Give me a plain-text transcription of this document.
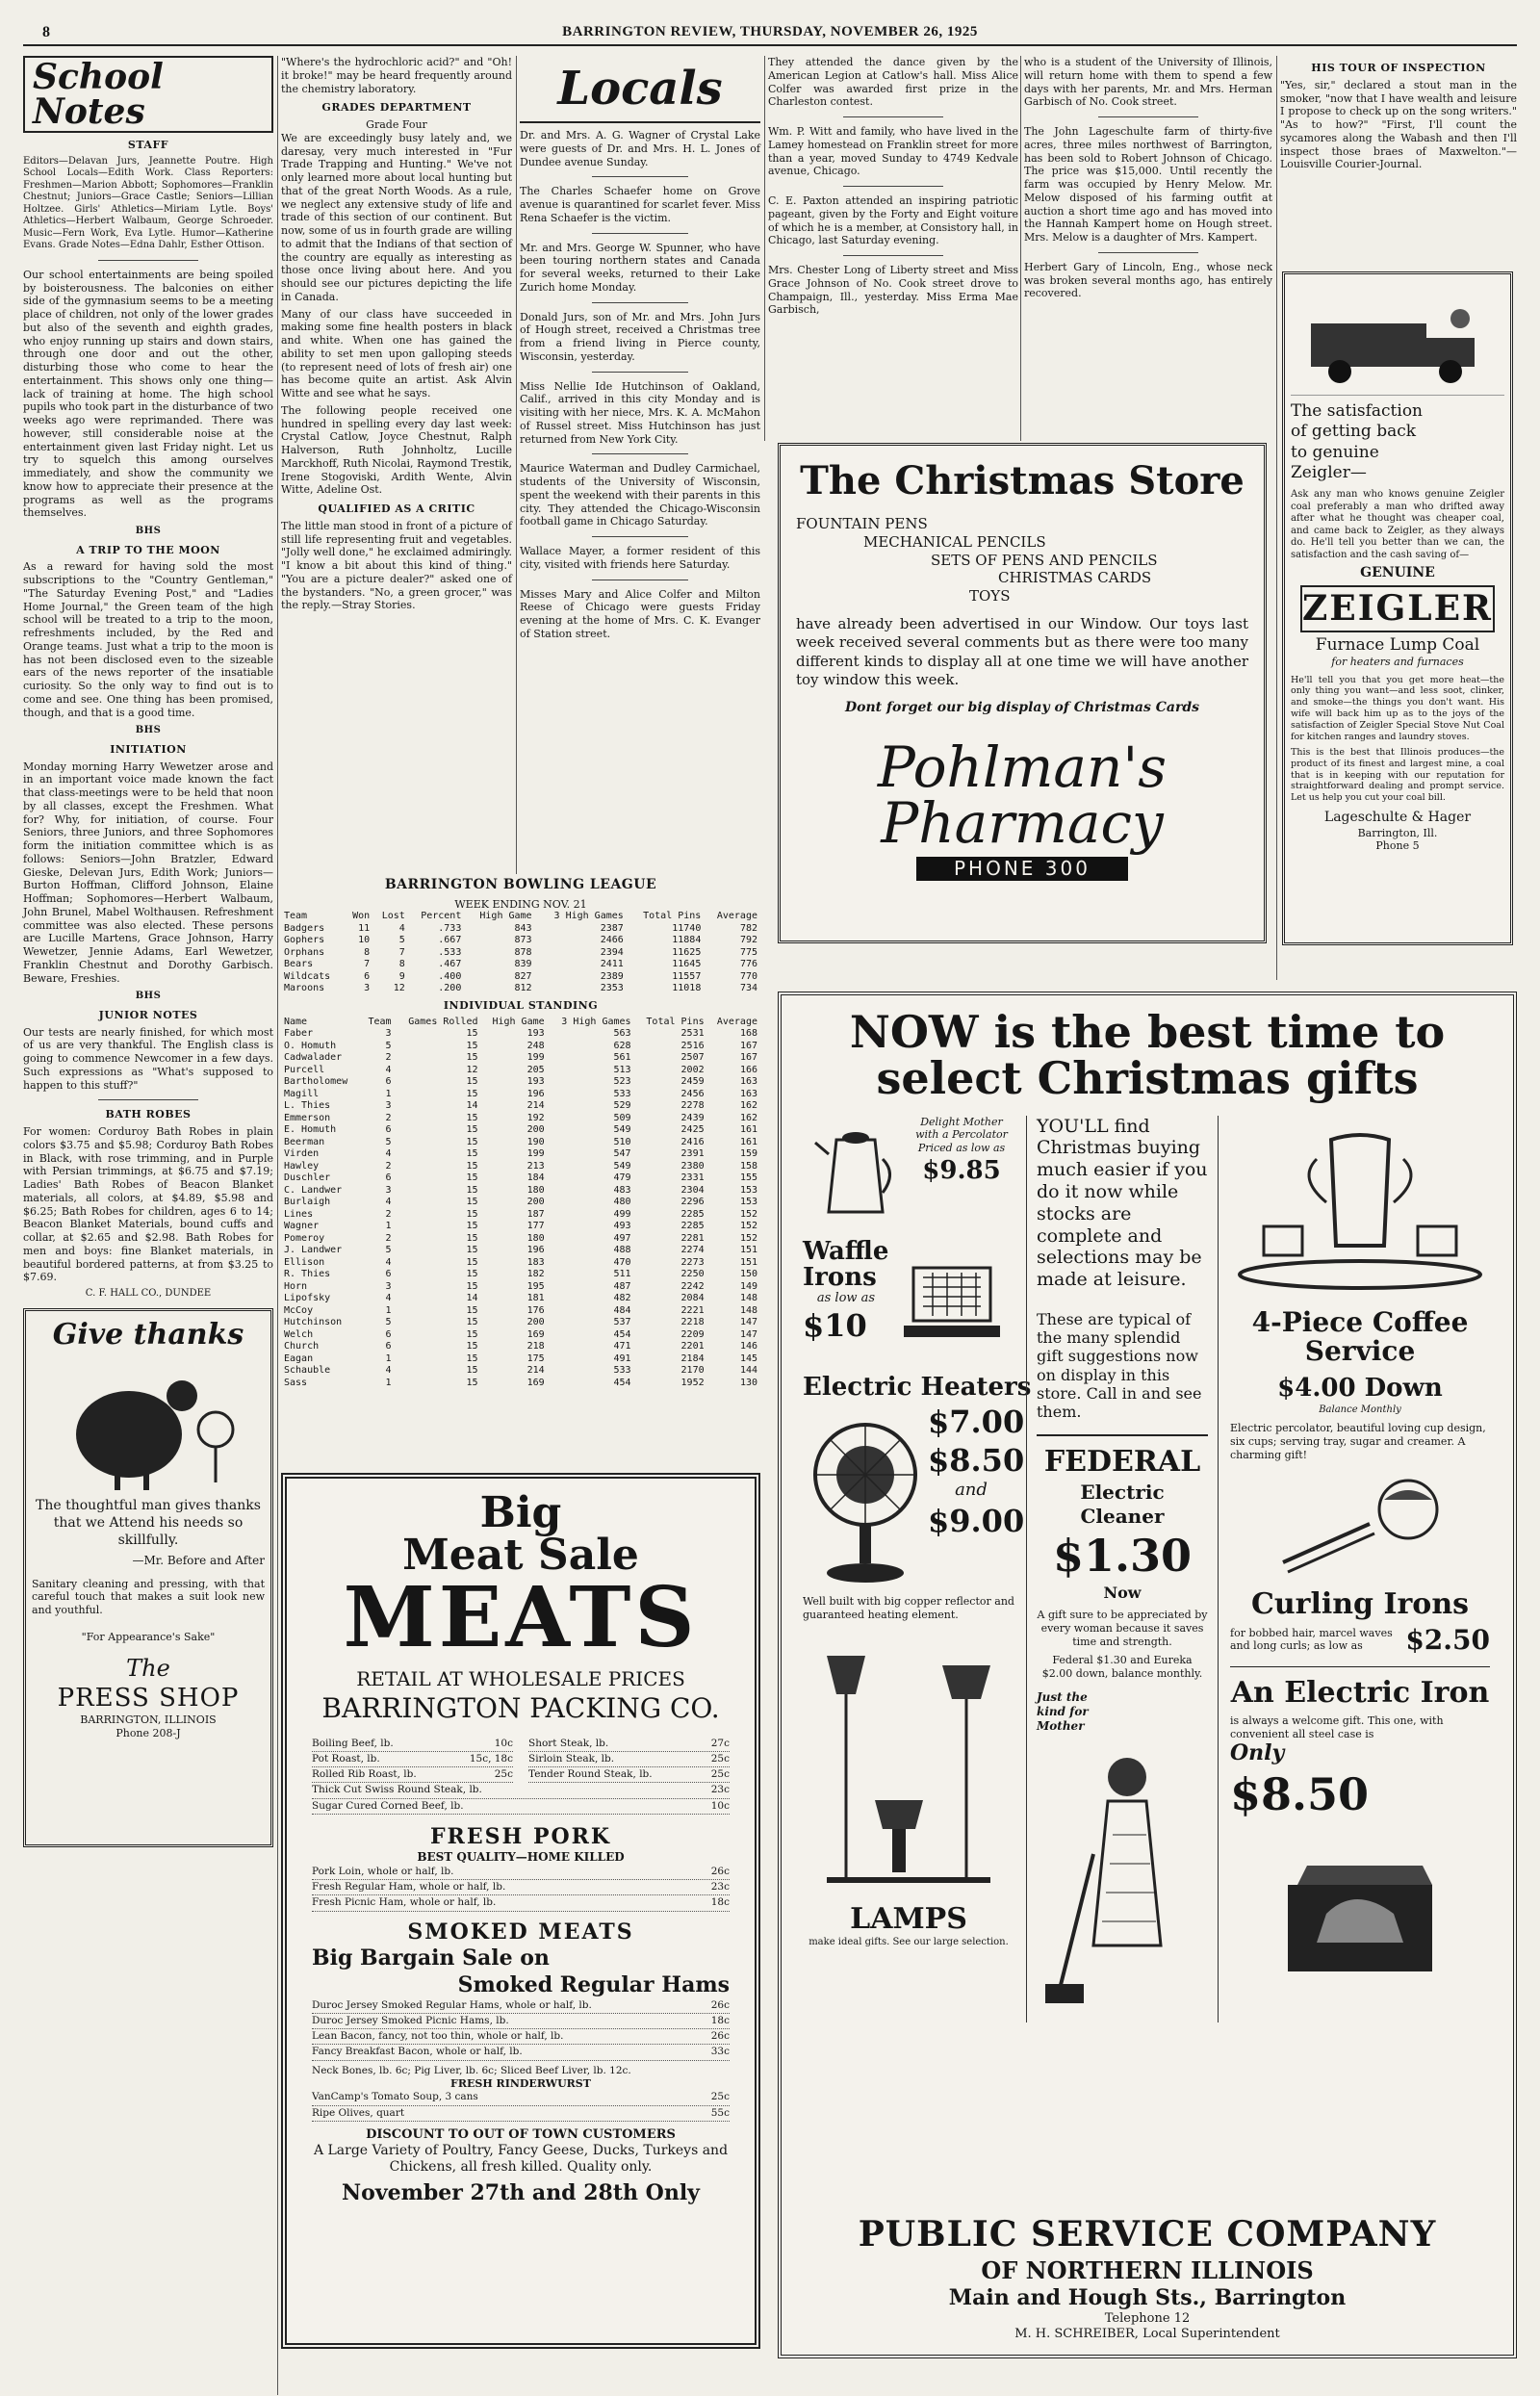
8	BARRINGTON REVIEW, THURSDAY, NOVEMBER 26, 1925
School Notes
STAFF

Editors—Delavan Jurs, Jeannette Poutre. High School Locals—Edith Work. Class Reporters: Freshmen—Marion Abbott; Sophomores—Franklin Chestnut; Juniors—Grace Castle; Seniors—Lillian Holtzee. Girls' Athletics—Miriam Lytle. Boys' Athletics—Herbert Walbaum, George Schroeder. Music—Fern Work, Eva Lytle. Humor—Katherine Evans. Grade Notes—Edna Dahlr, Esther Ottison.

Our school entertainments are being spoiled by boisterousness. The balconies on either side of the gymnasium seems to be a meeting place of children, not only of the lower grades but also of the seventh and eighth grades, who enjoy running up stairs and down stairs, through one door and out the other, disturbing those who come to hear the entertainment. This shows only one thing—lack of training at home. The high school pupils who took part in the disturbance of two weeks ago were reprimanded. There was however, still considerable noise at the entertainment given last Friday night. Let us try to squelch this among ourselves immediately, and show the community we know how to appreciate their presence at the programs as well as the programs themselves.

BHS
A TRIP TO THE MOON

As a reward for having sold the most subscriptions to the "Country Gentleman," "The Saturday Evening Post," and "Ladies Home Journal," the Green team of the high school will be treated to a trip to the moon, refreshments included, by the Red and Orange teams. Just what a trip to the moon is has not been disclosed even to the sizeable ears of the news reporter of the insatiable curiosity. So the only way to find out is to come and see. One thing has been promised, though, and that is a good time.

BHS
INITIATION

Monday morning Harry Wewetzer arose and in an important voice made known the fact that class-meetings were to be held that noon by all classes, except the Freshmen. What for? Why, for initiation, of course. Four Seniors, three Juniors, and three Sophomores form the initiation committee which is as follows: Seniors—John Bratzler, Edward Gieske, Delevan Jurs, Edith Work; Juniors—Burton Hoffman, Clifford Johnson, Elaine Hoffman; Sophomores—Herbert Walbaum, John Brunel, Mabel Wolthausen. Refreshment committee was also elected. These persons are Lucille Martens, Grace Johnson, Harry Wewetzer, Jennie Adams, Earl Wewetzer, Franklin Chestnut and Dorothy Garbisch. Beware, Freshies.

BHS
JUNIOR NOTES

Our tests are nearly finished, for which most of us are very thankful. The English class is going to commence Newcomer in a few days. Such expressions as "What's supposed to happen to this stuff?"

BATH ROBES

For women: Corduroy Bath Robes in plain colors $3.75 and $5.98; Corduroy Bath Robes in Black, with rose trimming, and in Purple with Persian trimmings, at $6.75 and $7.19; Ladies' Bath Robes of Beacon Blanket materials, all colors, at $4.89, $5.98 and $6.25; Bath Robes for children, ages 6 to 14; Beacon Blanket Materials, bound cuffs and collar, at $2.65 and $2.98. Bath Robes for men and boys: fine Blanket materials, in beautiful bordered patterns, at from $3.25 to $7.69.

C. F. HALL CO., DUNDEE
Give thanks

The thoughtful man gives thanks that we Attend his needs so skillfully.

—Mr. Before and After

Sanitary cleaning and pressing, with that careful touch that makes a suit look new and youthful.

"For Appearance's Sake"
The
PRESS SHOP
BARRINGTON, ILLINOIS
Phone 208-J

"Where's the hydrochloric acid?" and "Oh! it broke!" may be heard frequently around the chemistry laboratory.

GRADES DEPARTMENT
Grade Four

We are exceedingly busy lately and, we daresay, very much interested in "Fur Trade Trapping and Hunting." We've not only learned more about local hunting but that of the great North Woods. As a rule, we neglect any extensive study of life and trade of this section of our continent. But now, some of us in fourth grade are willing to admit that the Indians of that section of the country are equally as interesting as those once living about here. And you should see our pictures depicting the life in Canada.

Many of our class have succeeded in making some fine health posters in black and white. When one has gained the ability to set men upon galloping steeds (to represent need of lots of fresh air) one has become quite an artist. Ask Alvin Witte and see what he says.

The following people received one hundred in spelling every day last week: Crystal Catlow, Joyce Chestnut, Ralph Halverson, Ruth Johnholtz, Lucille Marckhoff, Ruth Nicolai, Raymond Trestik, Irene Stogoviski, Ardith Wente, Alvin Witte, Adeline Ost.

QUALIFIED AS A CRITIC

The little man stood in front of a picture of still life representing fruit and vegetables. "Jolly well done," he exclaimed admiringly. "I know a bit about this kind of thing." "You are a picture dealer?" asked one of the bystanders. "No, a green grocer," was the reply.—Stray Stories.

Locals

Dr. and Mrs. A. G. Wagner of Crystal Lake were guests of Dr. and Mrs. H. L. Jones of Dundee avenue Sunday.

The Charles Schaefer home on Grove avenue is quarantined for scarlet fever. Miss Rena Schaefer is the victim.

Mr. and Mrs. George W. Spunner, who have been touring northern states and Canada for several weeks, returned to their Lake Zurich home Monday.

Donald Jurs, son of Mr. and Mrs. John Jurs of Hough street, received a Christmas tree from a friend living in Pierce county, Wisconsin, yesterday.

Miss Nellie Ide Hutchinson of Oakland, Calif., arrived in this city Monday and is visiting with her niece, Mrs. K. A. McMahon of Russel street. Miss Hutchinson has just returned from New York City.

Maurice Waterman and Dudley Carmichael, students of the University of Wisconsin, spent the weekend with their parents in this city. They attended the Chicago-Wisconsin football game in Chicago Saturday.

Wallace Mayer, a former resident of this city, visited with friends here Saturday.

Misses Mary and Alice Colfer and Milton Reese of Chicago were guests Friday evening at the home of Mrs. C. K. Evanger of Station street.

They attended the dance given by the American Legion at Catlow's hall. Miss Alice Colfer was awarded first prize in the Charleston contest.

Wm. P. Witt and family, who have lived in the Lamey homestead on Franklin street for more than a year, moved Sunday to 4749 Kedvale avenue, Chicago.

C. E. Paxton attended an inspiring patriotic pageant, given by the Forty and Eight voiture of which he is a member, at Consistory hall, in Chicago, last Saturday evening.

Mrs. Chester Long of Liberty street and Miss Grace Johnson of No. Cook street drove to Champaign, Ill., yesterday. Miss Erma Mae Garbisch,

who is a student of the University of Illinois, will return home with them to spend a few days with her parents, Mr. and Mrs. Herman Garbisch of No. Cook street.

The John Lageschulte farm of thirty-five acres, three miles northwest of Barrington, has been sold to Robert Johnson of Chicago. The price was $15,000. Until recently the farm was occupied by Henry Melow. Mr. Melow disposed of his farming outfit at auction a short time ago and has moved into the Hannah Kampert home on Hough street. Mrs. Melow is a daughter of Mrs. Kampert.

Herbert Gary of Lincoln, Eng., whose neck was broken several months ago, has entirely recovered.

HIS TOUR OF INSPECTION

"Yes, sir," declared a stout man in the smoker, "now that I have wealth and leisure I propose to check up on the song writers." "As to how?" "First, I'll count the sycamores along the Wabash and then I'll inspect those braes of Maxwelton."—Louisville Courier-Journal.

The satisfaction
of getting back
to genuine
Zeigler—

Ask any man who knows genuine Zeigler coal preferably a man who drifted away after what he thought was cheaper coal, and came back to Zeigler, as they always do. He'll tell you better than we can, the satisfaction and the cash saving of—

GENUINE
ZEIGLER
Furnace Lump Coal
for heaters and furnaces

He'll tell you that you get more heat—the only thing you want—and less soot, clinker, and smoke—the things you don't want. His wife will back him up as to the joys of the satisfaction of Zeigler Special Stove Nut Coal for kitchen ranges and laundry stoves.

This is the best that Illinois produces—the product of its finest and largest mine, a coal that is in keeping with our reputation for straightforward dealing and prompt service. Let us help you cut your coal bill.

Lageschulte & Hager
Barrington, Ill.
Phone 5
The Christmas Store
FOUNTAIN PENS
MECHANICAL PENCILS
SETS OF PENS AND PENCILS
CHRISTMAS CARDS
TOYS

have already been advertised in our Window. Our toys last week received several comments but as there were too many different kinds to display all at one time we will have another toy window this week.

Dont forget our big display of Christmas Cards
Pohlman's
Pharmacy
PHONE 300
BARRINGTON BOWLING LEAGUE
WEEK ENDING NOV. 21
Team	Won	Lost	Percent	High Game	3 High Games	Total Pins	Average
Badgers	11	4	.733	843	2387	11740	782
Gophers	10	5	.667	873	2466	11884	792
Orphans	8	7	.533	878	2394	11625	775
Bears	7	8	.467	839	2411	11645	776
Wildcats	6	9	.400	827	2389	11557	770
Maroons	3	12	.200	812	2353	11018	734
INDIVIDUAL STANDING
Name	Team	Games Rolled	High Game	3 High Games	Total Pins	Average
Faber	3	15	193	563	2531	168
O. Homuth	5	15	248	628	2516	167
Cadwalader	2	15	199	561	2507	167
Purcell	4	12	205	513	2002	166
Bartholomew	6	15	193	523	2459	163
Magill	1	15	196	533	2456	163
L. Thies	3	14	214	529	2278	162
Emmerson	2	15	192	509	2439	162
E. Homuth	6	15	200	549	2425	161
Beerman	5	15	190	510	2416	161
Virden	4	15	199	547	2391	159
Hawley	2	15	213	549	2380	158
Duschler	6	15	184	479	2331	155
C. Landwer	3	15	180	483	2304	153
Burlaigh	4	15	200	480	2296	153
Lines	2	15	187	499	2285	152
Wagner	1	15	177	493	2285	152
Pomeroy	2	15	180	497	2281	152
J. Landwer	5	15	196	488	2274	151
Ellison	4	15	183	470	2273	151
R. Thies	6	15	182	511	2250	150
Horn	3	15	195	487	2242	149
Lipofsky	4	14	181	482	2084	148
McCoy	1	15	176	484	2221	148
Hutchinson	5	15	200	537	2218	147
Welch	6	15	169	454	2209	147
Church	6	15	218	471	2201	146
Eagan	1	15	175	491	2184	145
Schauble	4	15	214	533	2170	144
Sass	1	15	169	454	1952	130
Big
Meat Sale
MEATS
RETAIL AT WHOLESALE PRICES
BARRINGTON PACKING CO.
Boiling Beef, lb.	10c
Pot Roast, lb.	15c, 18c
Rolled Rib Roast, lb.	25c
Short Steak, lb.	27c
Sirloin Steak, lb.	25c
Tender Round Steak, lb.	25c
Thick Cut Swiss Round Steak, lb.	23c
Sugar Cured Corned Beef, lb.	10c
FRESH PORK
BEST QUALITY—HOME KILLED
Pork Loin, whole or half, lb.	26c
Fresh Regular Ham, whole or half, lb.	23c
Fresh Picnic Ham, whole or half, lb.	18c
SMOKED MEATS
Big Bargain Sale on
Smoked Regular Hams
Duroc Jersey Smoked Regular Hams, whole or half, lb.	26c
Duroc Jersey Smoked Picnic Hams, lb.	18c
Lean Bacon, fancy, not too thin, whole or half, lb.	26c
Fancy Breakfast Bacon, whole or half, lb.	33c
Neck Bones, lb. 6c; Pig Liver, lb. 6c; Sliced Beef Liver, lb. 12c.
FRESH RINDERWURST
VanCamp's Tomato Soup, 3 cans	25c
Ripe Olives, quart	55c
DISCOUNT TO OUT OF TOWN CUSTOMERS
A Large Variety of Poultry, Fancy Geese, Ducks, Turkeys and Chickens, all fresh killed. Quality only.
November 27th and 28th Only
NOW is the best time to
select Christmas gifts
Delight Mother with a Percolator
Priced as low as
$9.85
Waffle Irons
as low as
$10
Electric Heaters
$7.00
$8.50
and
$9.00
Well built with big copper reflector and guaranteed heating element.
LAMPS
make ideal gifts. See our large selection.

YOU'LL find Christmas buying much easier if you do it now while stocks are complete and selections may be made at leisure.

These are typical of the many splendid gift suggestions now on display in this store. Call in and see them.

FEDERAL
Electric Cleaner
$1.30
Now
A gift sure to be appreciated by every woman because it saves time and strength.
Federal $1.30 and Eureka $2.00 down, balance monthly.
Just the kind for Mother
4-Piece Coffee Service
$4.00 Down
Balance Monthly
Electric percolator, beautiful loving cup design, six cups; serving tray, sugar and creamer. A charming gift!
Curling Irons
for bobbed hair, marcel waves and long curls; as low as	$2.50
An Electric Iron
is always a welcome gift. This one, with convenient all steel case is
Only
$8.50
PUBLIC SERVICE COMPANY
OF NORTHERN ILLINOIS
Main and Hough Sts., Barrington
Telephone 12
M. H. SCHREIBER, Local Superintendent
